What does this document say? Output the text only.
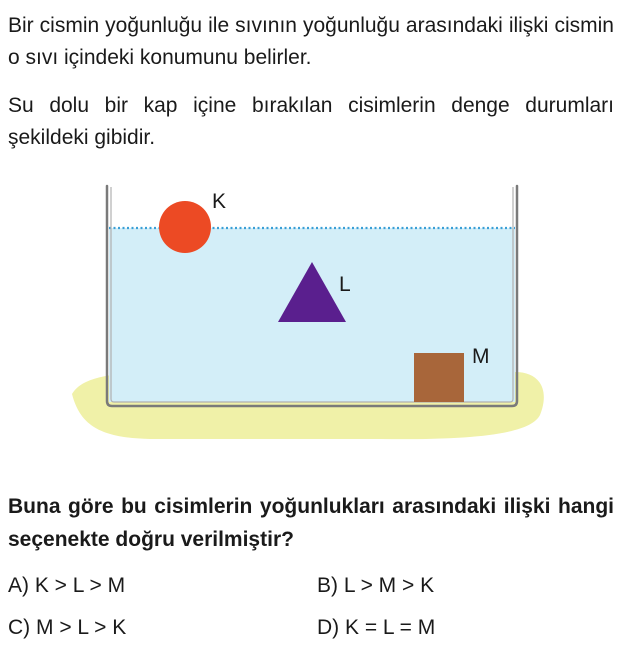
Bir cismin yoğunluğu ile sıvının yoğunluğu arasındaki ilişki cismin o sıvı içindeki konumunu belirler.

Su dolu bir kap içine bırakılan cisimlerin denge durumları şekildeki gibidir.

K
L
M

Buna göre bu cisimlerin yoğunlukları arasındaki ilişki hangi seçenekte doğru verilmiştir?

A) K > L > M	B) L > M > K
C) M > L > K	D) K = L = M
